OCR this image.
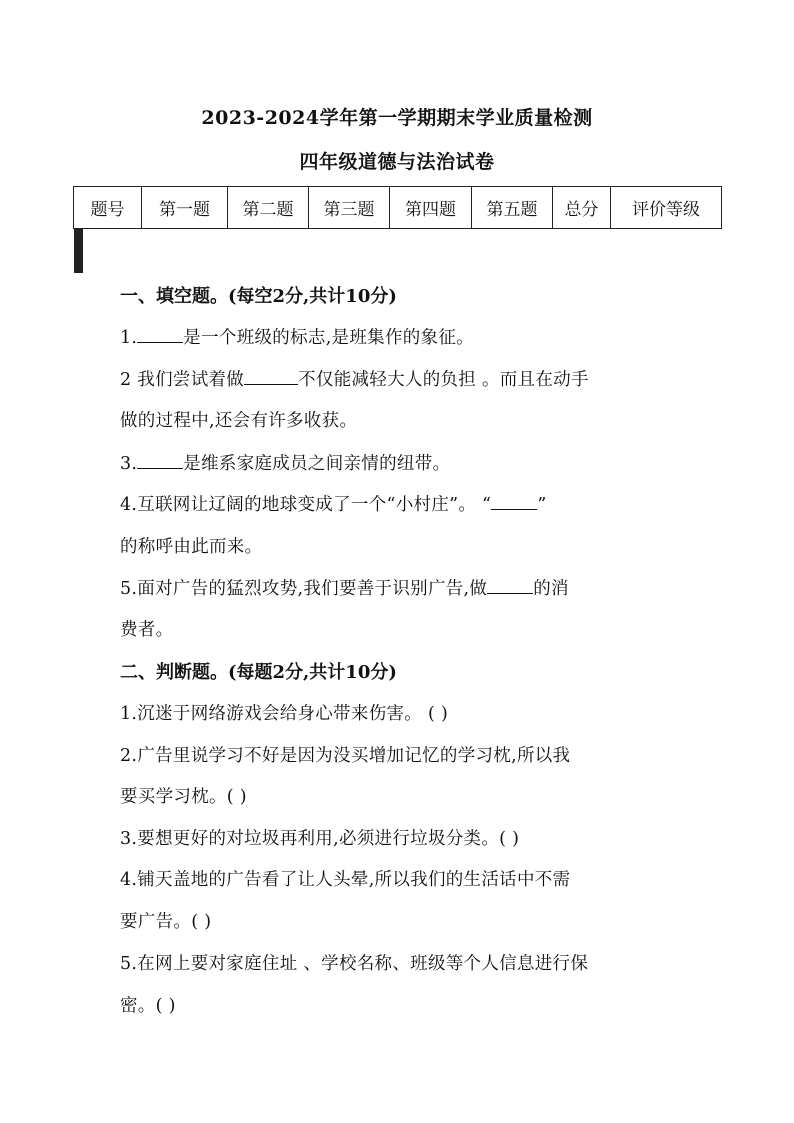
2023-2024学年第一学期期末学业质量检测
四年级道德与法治试卷
题号	第一题	第二题	第三题	第四题	第五题	总分	评价等级

一、填空题。(每空2分,共计10分)
1.	是一个班级的标志,是班集作的象征。
2 我们尝试着做	不仅能减轻大人的负担 。而且在动手
做的过程中,还会有许多收获。
3.	是维系家庭成员之间亲情的纽带。
4.互联网让辽阔的地球变成了一个“小村庄”。 “	”
的称呼由此而来。
5.面对广告的猛烈攻势,我们要善于识别广告,做	的消
费者。
二、判断题。(每题2分,共计10分)
1.沉迷于网络游戏会给身心带来伤害。 ( )
2.广告里说学习不好是因为没买增加记忆的学习枕,所以我
要买学习枕。( )
3.要想更好的对垃圾再利用,必须进行垃圾分类。( )
4.铺天盖地的广告看了让人头晕,所以我们的生活话中不需
要广告。( )
5.在网上要对家庭住址 、学校名称、班级等个人信息进行保
密。( )
